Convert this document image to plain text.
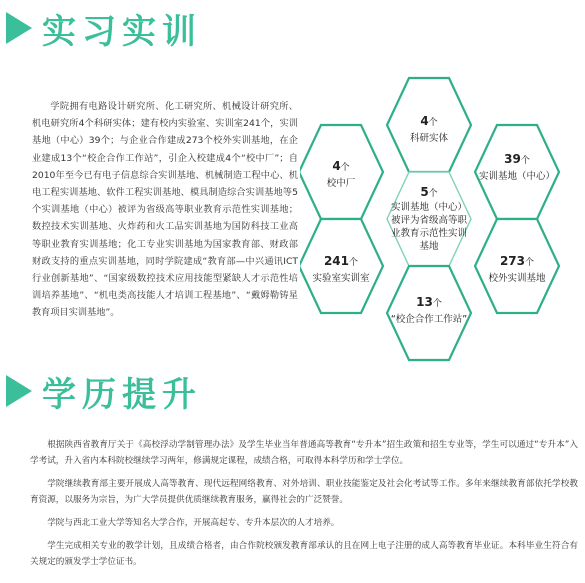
实习实训

学院拥有电路设计研究所、化工研究所、机械设计研究所、机电研究所4个科研实体；建有校内实验室、实训室241个，实训基地（中心）39个；与企业合作建成273个校外实训基地，在企业建成13个“校企合作工作站”，引企入校建成4个“校中厂”；自2010年至今已有电子信息综合实训基地、机械制造工程中心、机电工程实训基地、软件工程实训基地、模具制造综合实训基地等5个实训基地（中心）被评为省级高等职业教育示范性实训基地；数控技术实训基地、火炸药和火工品实训基地为国防科技工业高等职业教育实训基地；化工专业实训基地为国家教育部、财政部财政支持的重点实训基地，同时学院建成“教育部—中兴通讯ICT行业创新基地”、“国家级数控技术应用技能型紧缺人才示范性培训培养基地”、“机电类高技能人才培训工程基地”、“戴姆勒铸星教育项目实训基地”。

4个
科研实体
4个
校中厂
39个
实训基地（中心）
5个
实训基地（中心）被评为省级高等职业教育示范性实训基地
241个
实验室实训室
273个
校外实训基地
13个
“校企合作工作站”
学历提升

根据陕西省教育厅关于《高校浮动学制管理办法》及学生毕业当年普通高等教育“专升本”招生政策和招生专业等，学生可以通过“专升本”入学考试，升入省内本科院校继续学习两年，修满规定课程，成绩合格，可取得本科学历和学士学位。

学院继续教育部主要开展成人高等教育、现代远程网络教育、对外培训、职业技能鉴定及社会化考试等工作。多年来继续教育部依托学校教育资源，以服务为宗旨，为广大学员提供优质继续教育服务，赢得社会的广泛赞誉。

学院与西北工业大学等知名大学合作，开展高起专、专升本层次的人才培养。

学生完成相关专业的教学计划，且成绩合格者，由合作院校颁发教育部承认的且在网上电子注册的成人高等教育毕业证。本科毕业生符合有关规定的颁发学士学位证书。
